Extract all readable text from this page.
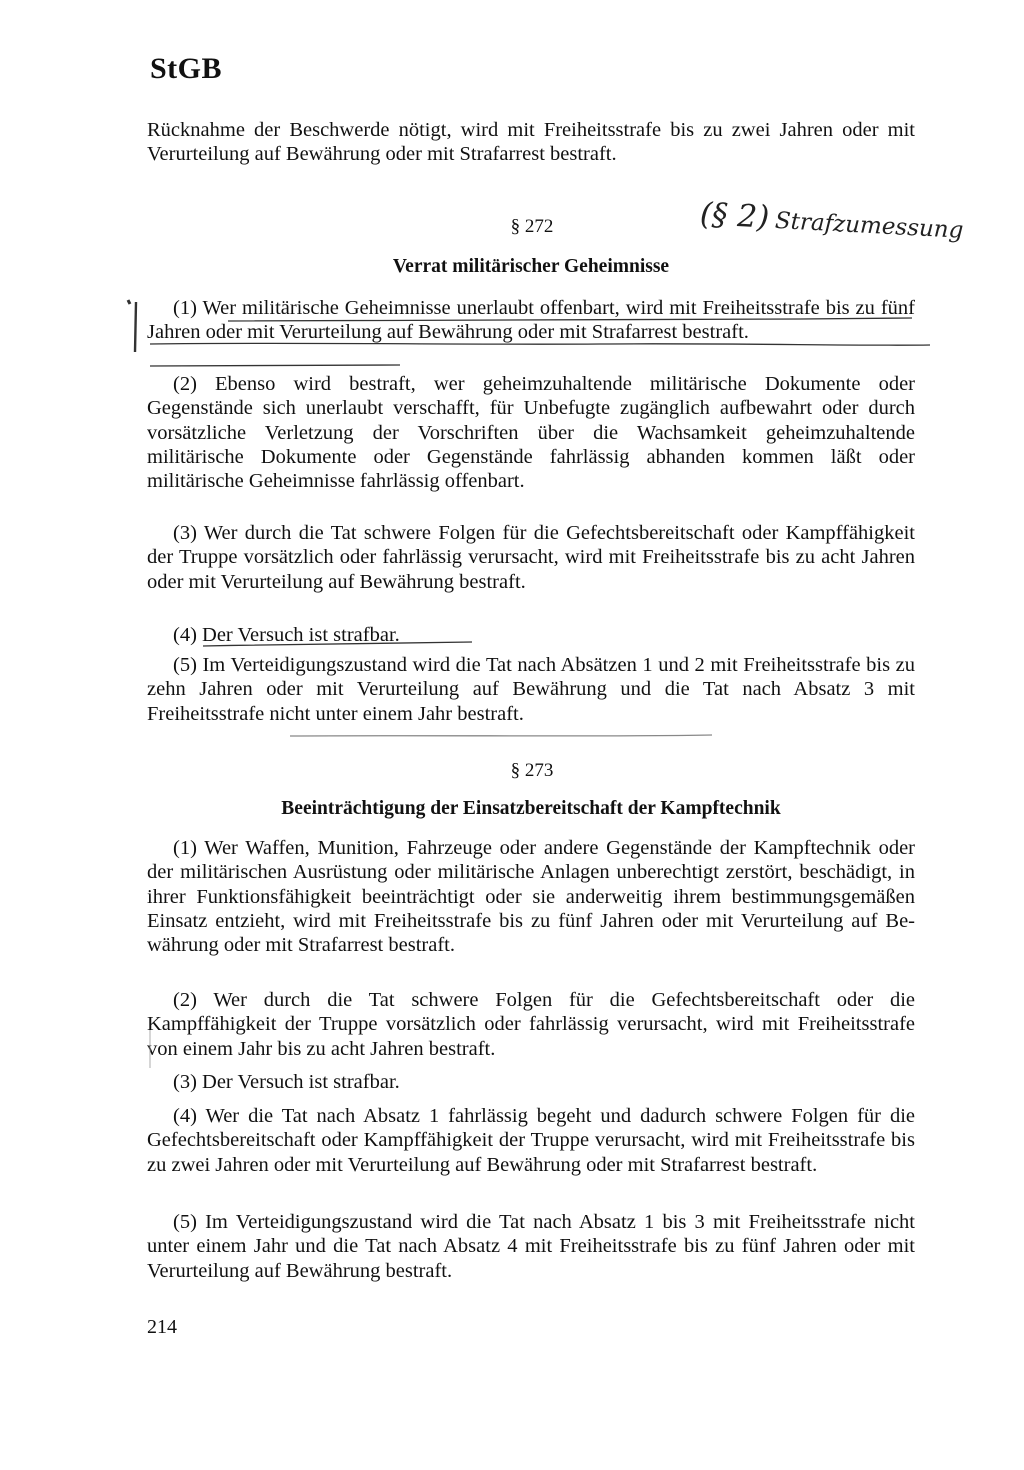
StGB

Rücknahme der Beschwerde nötigt, wird mit Freiheitsstrafe bis zu zwei Jahren oder mit Verurteilung auf Bewährung oder mit Strafarrest bestraft.

§ 272
Verrat militärischer Geheimnisse
(§ 2) Strafzumessung

(1) Wer militärische Geheimnisse unerlaubt offenbart, wird mit Freiheitsstrafe bis zu fünf Jahren oder mit Verurteilung auf Bewährung oder mit Strafarrest bestraft.

(2) Ebenso wird bestraft, wer geheimzuhaltende militärische Dokumente oder Gegenstände sich unerlaubt verschafft, für Unbefugte zugänglich aufbewahrt oder durch vorsätzliche Verletzung der Vorschriften über die Wachsamkeit geheimzuhaltende militärische Dokumente oder Gegenstände fahrlässig abhanden kommen läßt oder militärische Geheimnisse fahrlässig offenbart.

(3) Wer durch die Tat schwere Folgen für die Gefechtsbereitschaft oder Kampffähigkeit der Truppe vorsätzlich oder fahrlässig verursacht, wird mit Freiheitsstrafe bis zu acht Jahren oder mit Verurteilung auf Bewährung bestraft.

(4) Der Versuch ist strafbar.

(5) Im Verteidigungszustand wird die Tat nach Absätzen 1 und 2 mit Freiheitsstrafe bis zu zehn Jahren oder mit Verurteilung auf Bewährung und die Tat nach Absatz 3 mit Freiheitsstrafe nicht unter einem Jahr bestraft.

§ 273
Beeinträchtigung der Einsatzbereitschaft der Kampftechnik

(1) Wer Waffen, Munition, Fahrzeuge oder andere Gegenstände der Kampftechnik oder der militärischen Ausrüstung oder militärische Anlagen unberechtigt zerstört, beschädigt, in ihrer Funktionsfähigkeit beeinträchtigt oder sie anderweitig ihrem bestimmungsgemäßen Einsatz entzieht, wird mit Freiheitsstrafe bis zu fünf Jahren oder mit Verurteilung auf Bewährung oder mit Strafarrest bestraft.

(2) Wer durch die Tat schwere Folgen für die Gefechtsbereitschaft oder die Kampffähigkeit der Truppe vorsätzlich oder fahrlässig verursacht, wird mit Freiheitsstrafe von einem Jahr bis zu acht Jahren bestraft.

(3) Der Versuch ist strafbar.

(4) Wer die Tat nach Absatz 1 fahrlässig begeht und dadurch schwere Folgen für die Gefechtsbereitschaft oder Kampffähigkeit der Truppe verursacht, wird mit Freiheitsstrafe bis zu zwei Jahren oder mit Verurteilung auf Bewährung oder mit Strafarrest bestraft.

(5) Im Verteidigungszustand wird die Tat nach Absatz 1 bis 3 mit Freiheitsstrafe nicht unter einem Jahr und die Tat nach Absatz 4 mit Freiheitsstrafe bis zu fünf Jahren oder mit Verurteilung auf Bewährung bestraft.

214
